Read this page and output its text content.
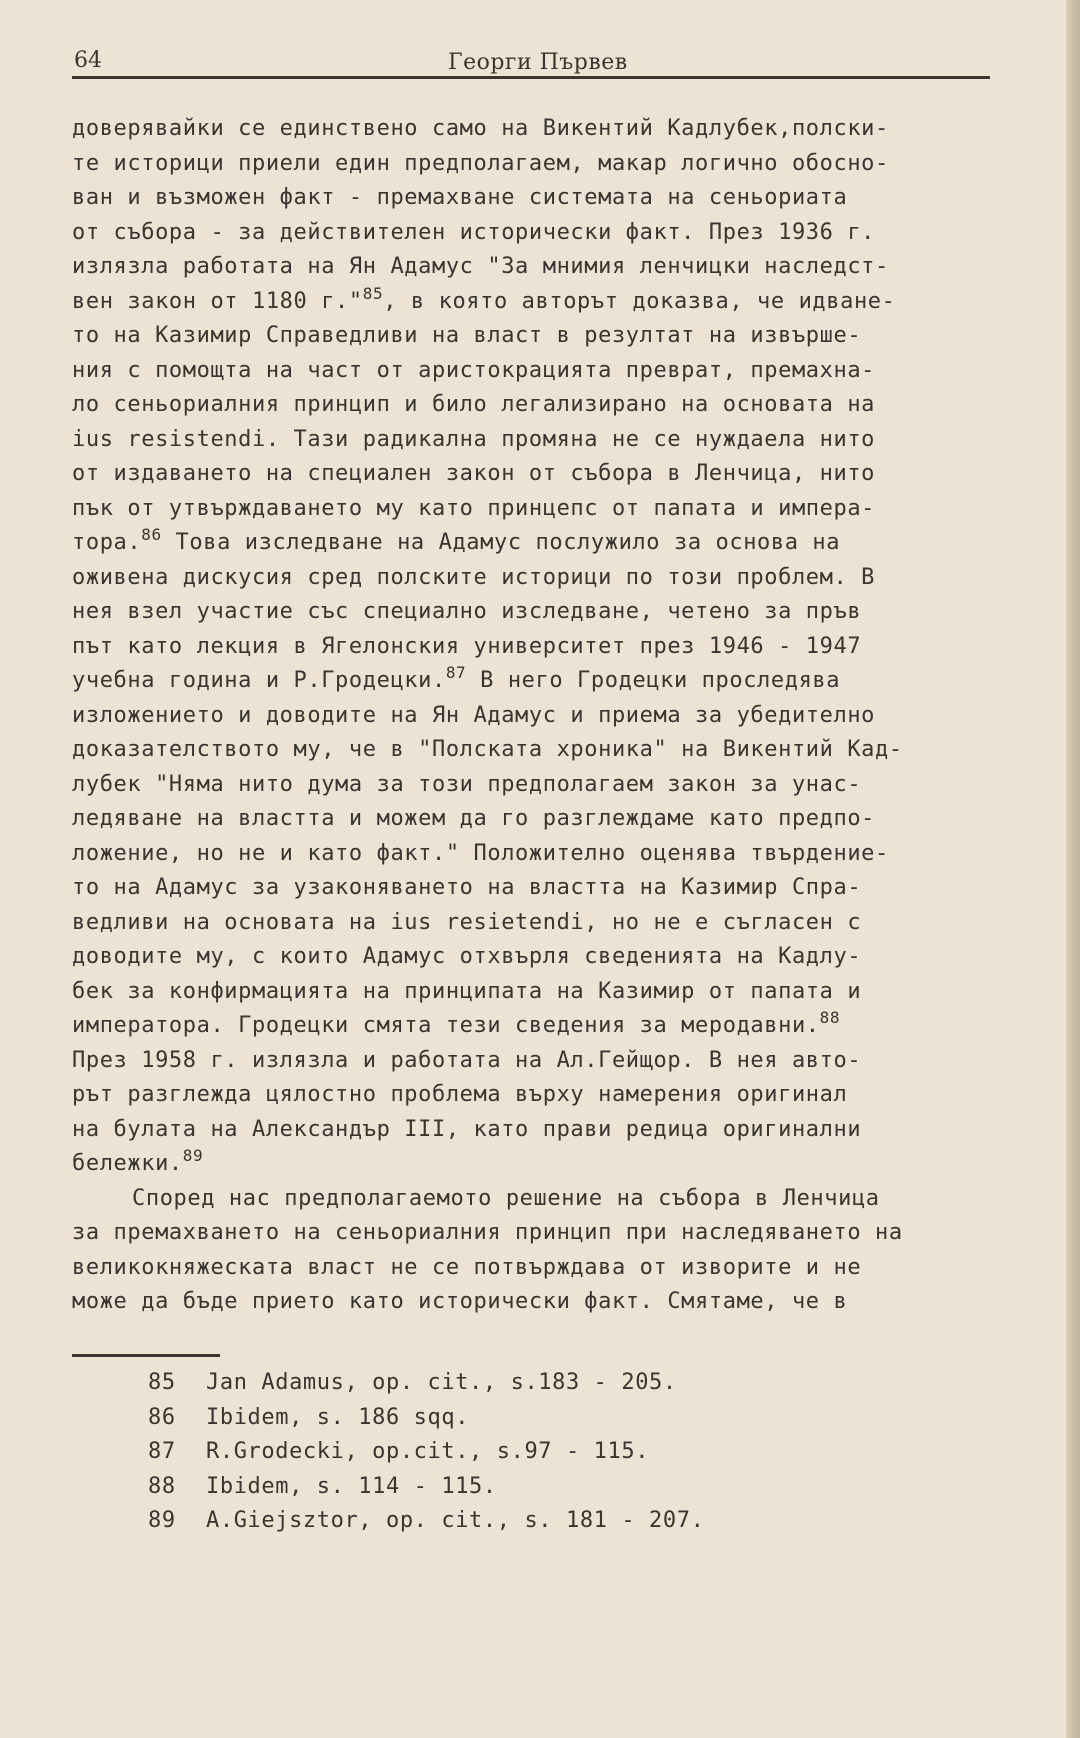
64	Георги Първев
доверявайки се единствено само на Викентий Кадлубек,полски-
те историци приели един предполагаем, макар логично обосно-
ван и възможен факт - премахване системата на сеньориата
от събора - за действителен исторически факт. През 1936 г.
излязла работата на Ян Адамус "За мнимия ленчицки наследст-
вен закон от 1180 г."$^{85}$, в която авторът доказва, че идване-
то на Казимир Справедливи на власт в резултат на извърше-
ния с помощта на част от аристокрацията преврат, премахна-
ло сеньориалния принцип и било легализирано на основата на
ius resistendi. Тази радикална промяна не се нуждаела нито
от издаването на специален закон от събора в Ленчица, нито
пък от утвърждаването му като принцепс от папата и импера-
тора.$^{86}$ Това изследване на Адамус послужило за основа на
оживена дискусия сред полските историци по този проблем. В
нея взел участие със специално изследване, четено за пръв
път като лекция в Ягелонския университет през 1946 - 1947
учебна година и Р.Гродецки.$^{87}$ В него Гродецки проследява
изложението и доводите на Ян Адамус и приема за убедително
доказателството му, че в "Полската хроника" на Викентий Кад-
лубек "Няма нито дума за този предполагаем закон за унас-
ледяване на властта и можем да го разглеждаме като предпо-
ложение, но не и като факт." Положително оценява твърдение-
то на Адамус за узаконяването на властта на Казимир Спра-
ведливи на основата на ius resietendi, но не е съгласен с
доводите му, с които Адамус отхвърля сведенията на Кадлу-
бек за конфирмацията на принципата на Казимир от папата и
императора. Гродецки смята тези сведения за меродавни.$^{88}$
През 1958 г. излязла и работата на Ал.Гейщор. В нея авто-
рът разглежда цялостно проблема върху намерения оригинал
на булата на Александър III, като прави редица оригинални
бележки.$^{89}$
Според нас предполагаемото решение на събора в Ленчица
за премахването на сеньориалния принцип при наследяването на
великокняжеската власт не се потвърждава от изворите и не
може да бъде прието като исторически факт. Смятаме, че в
85 Jan Adamus, op. cit., s.183 - 205.
86 Ibidem, s. 186 sqq.
87 R.Grodecki, op.cit., s.97 - 115.
88 Ibidem, s. 114 - 115.
89 A.Giejsztor, op. cit., s. 181 - 207.
